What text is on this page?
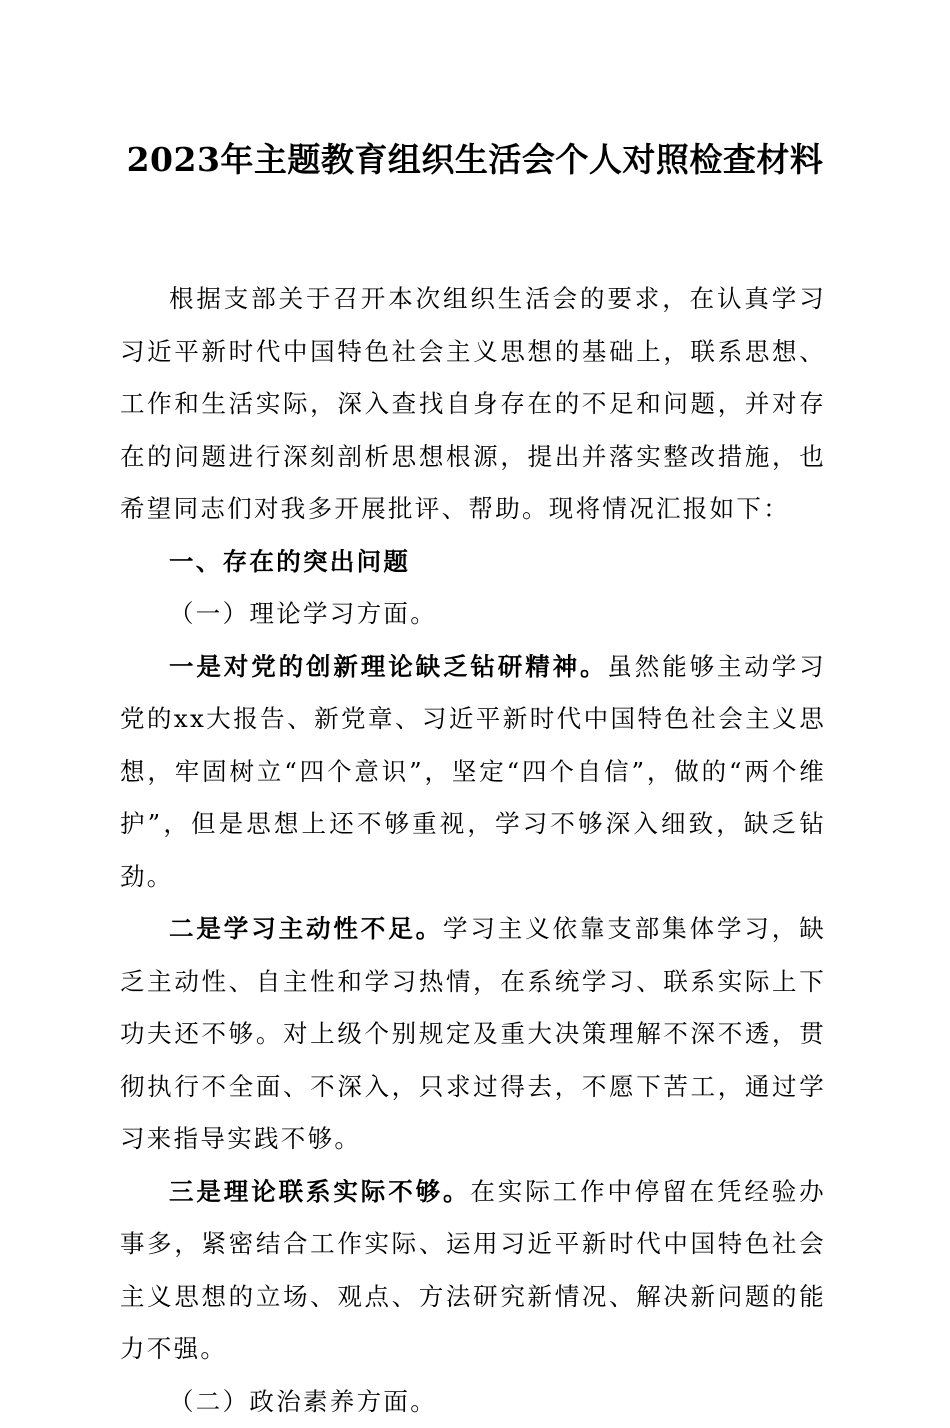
2023年主题教育组织生活会个人对照检查材料

根据支部关于召开本次组织生活会的要求，在认真学习习近平新时代中国特色社会主义思想的基础上，联系思想、工作和生活实际，深入查找自身存在的不足和问题，并对存在的问题进行深刻剖析思想根源，提出并落实整改措施，也希望同志们对我多开展批评、帮助。现将情况汇报如下：

一、存在的突出问题

（一）理论学习方面。

一是对党的创新理论缺乏钻研精神。虽然能够主动学习党的xx大报告、新党章、习近平新时代中国特色社会主义思想，牢固树立“四个意识”，坚定“四个自信”，做的“两个维护”，但是思想上还不够重视，学习不够深入细致，缺乏钻劲。

二是学习主动性不足。学习主义依靠支部集体学习，缺乏主动性、自主性和学习热情，在系统学习、联系实际上下功夫还不够。对上级个别规定及重大决策理解不深不透，贯彻执行不全面、不深入，只求过得去，不愿下苦工，通过学习来指导实践不够。

三是理论联系实际不够。在实际工作中停留在凭经验办事多，紧密结合工作实际、运用习近平新时代中国特色社会主义思想的立场、观点、方法研究新情况、解决新问题的能力不强。

（二）政治素养方面。
